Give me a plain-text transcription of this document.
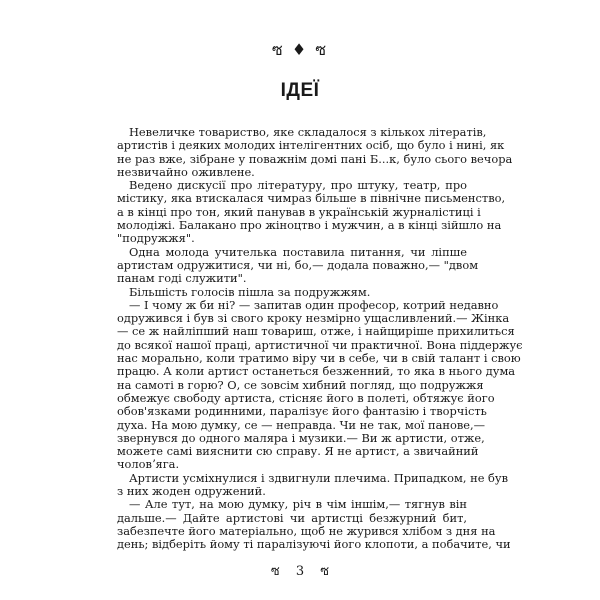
ซ ♦ ซ
ІДЕЇ

Невеличке товариство, яке складалося з кількох літератів,
артистів і деяких молодих інтелігентних осіб, що було і нині, як
не раз вже, зібране у поважнім домі пані Б...к, було сього вечора
незвичайно оживлене.

Ведено дискусії про літературу, про штуку, театр, про
містику, яка втискалася чимраз більше в північне письменство,
а в кінці про тон, який панував в українській журналістиці і
молодіжі. Балакано про жіноцтво і мужчин, а в кінці зійшло на
"подружжя".

Одна молода учителька поставила питання, чи ліпше
артистам одружитися, чи ні, бо,— додала поважно,— "двом
панам годі служити".

Більшість голосів пішла за подружжям.

— І чому ж би ні? — запитав один професор, котрий недавно
одружився і був зі свого кроку незмірно ущасливлений.— Жінка
— се ж найліпший наш товариш, отже, і найщиріше прихилиться
до всякої нашої праці, артистичної чи практичної. Вона піддержує
нас морально, коли тратимо віру чи в себе, чи в свій талант і свою
працю. А коли артист останеться безженний, то яка в нього дума
на самоті в горю? О, се зовсім хибний погляд, що подружжя
обмежує свободу артиста, стісняє його в полеті, обтяжує його
обов'язками родинними, паралізує його фантазію і творчість
духа. На мою думку, се — неправда. Чи не так, мої панове,—
звернувся до одного маляра і музики.— Ви ж артисти, отже,
можете самі вияснити сю справу. Я не артист, а звичайний
чоловʼяга.

Артисти усміхнулися і здвигнули плечима. Припадком, не був
з них жоден одружений.

— Але тут, на мою думку, річ в чім іншім,— тягнув він
дальше.— Дайте артистові чи артистці безжурний бит,
забезпечте його матеріально, щоб не журився хлібом з дня на
день; відберіть йому ті паралізуючі його клопоти, а побачите, чи

ซ 3 ซ
